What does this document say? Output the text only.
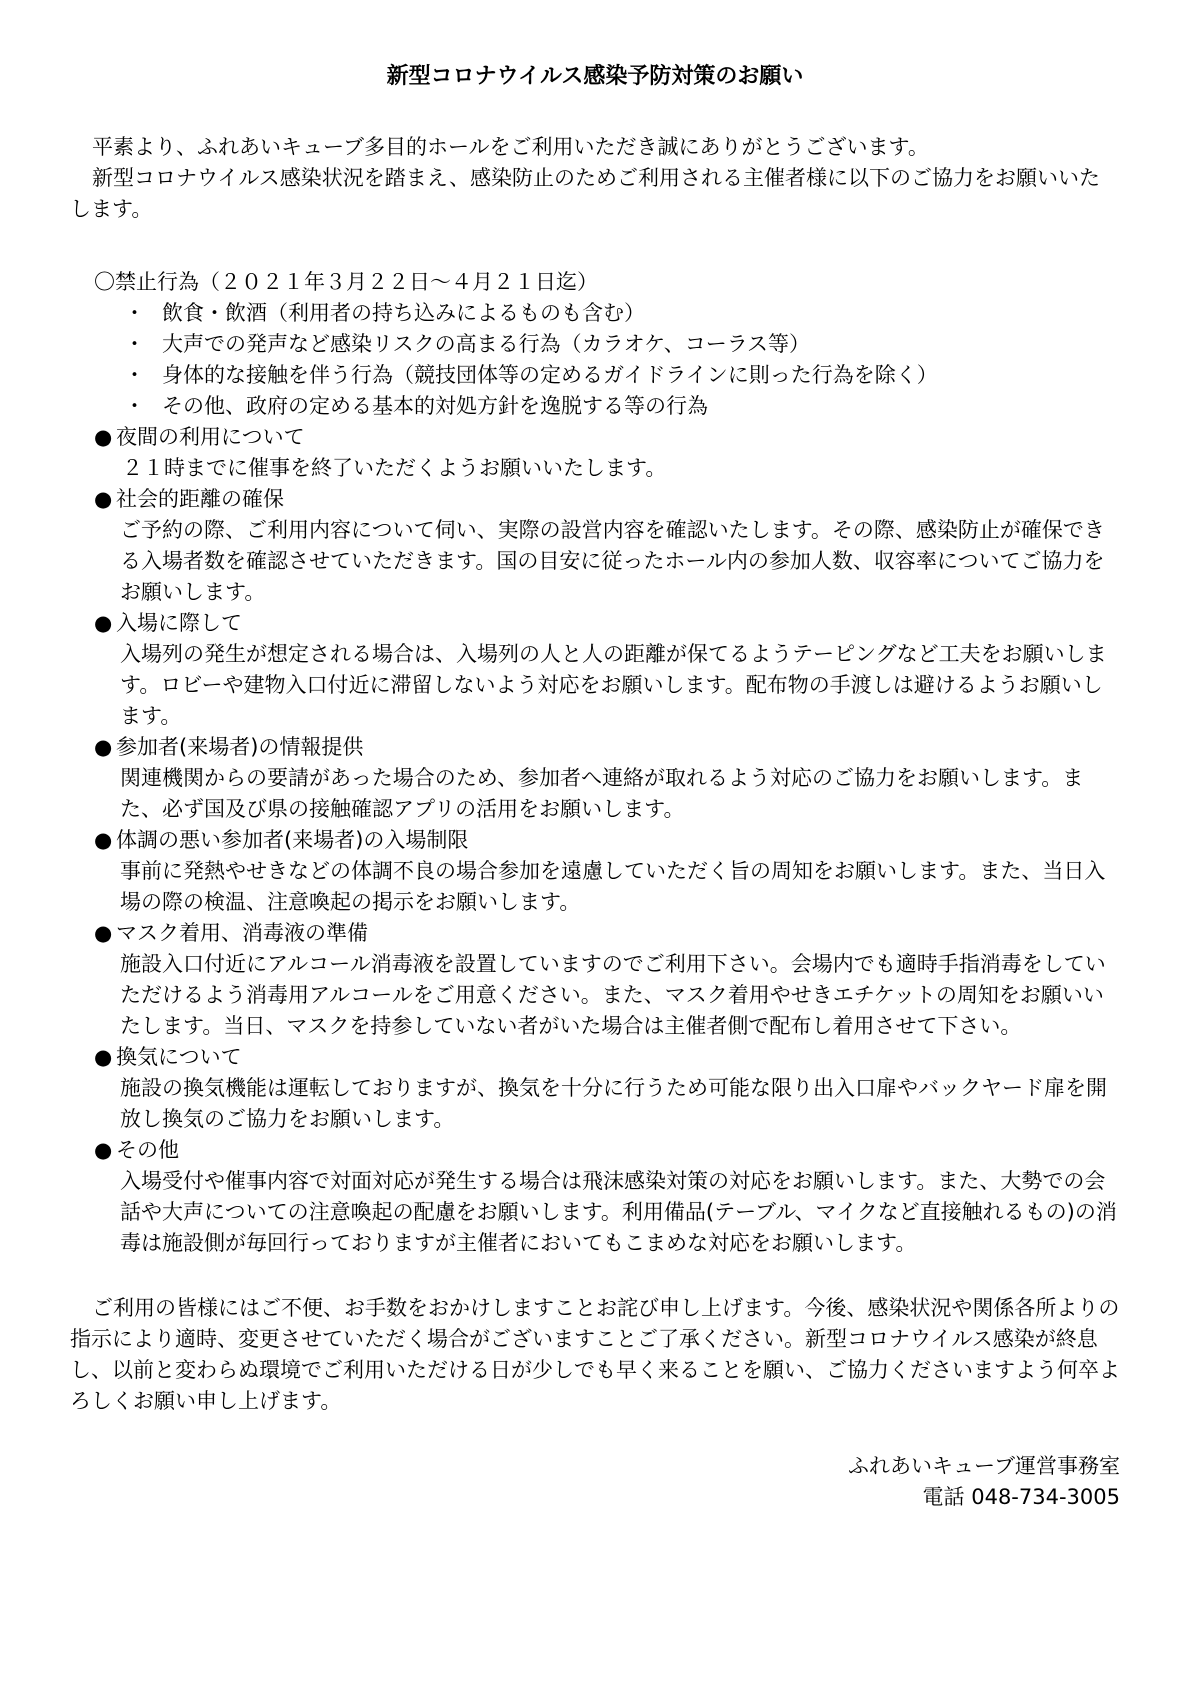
新型コロナウイルス感染予防対策のお願い

平素より、ふれあいキューブ多目的ホールをご利用いただき誠にありがとうございます。

新型コロナウイルス感染状況を踏まえ、感染防止のためご利用される主催者様に以下のご協力をお願いいたします。

〇禁止行為（２０２１年３月２２日～４月２１日迄）
・ 飲食・飲酒（利用者の持ち込みによるものも含む）
・ 大声での発声など感染リスクの高まる行為（カラオケ、コーラス等）
・ 身体的な接触を伴う行為（競技団体等の定めるガイドラインに則った行為を除く）
・ その他、政府の定める基本的対処方針を逸脱する等の行為
● 夜間の利用について
２１時までに催事を終了いただくようお願いいたします。
● 社会的距離の確保
ご予約の際、ご利用内容について伺い、実際の設営内容を確認いたします。その際、感染防止が確保できる入場者数を確認させていただきます。国の目安に従ったホール内の参加人数、収容率についてご協力をお願いします。
● 入場に際して
入場列の発生が想定される場合は、入場列の人と人の距離が保てるようテーピングなど工夫をお願いします。ロビーや建物入口付近に滞留しないよう対応をお願いします。配布物の手渡しは避けるようお願いします。
● 参加者(来場者)の情報提供
関連機関からの要請があった場合のため、参加者へ連絡が取れるよう対応のご協力をお願いします。また、必ず国及び県の接触確認アプリの活用をお願いします。
● 体調の悪い参加者(来場者)の入場制限
事前に発熱やせきなどの体調不良の場合参加を遠慮していただく旨の周知をお願いします。また、当日入場の際の検温、注意喚起の掲示をお願いします。
● マスク着用、消毒液の準備
施設入口付近にアルコール消毒液を設置していますのでご利用下さい。会場内でも適時手指消毒をしていただけるよう消毒用アルコールをご用意ください。また、マスク着用やせきエチケットの周知をお願いいたします。当日、マスクを持参していない者がいた場合は主催者側で配布し着用させて下さい。
● 換気について
施設の換気機能は運転しておりますが、換気を十分に行うため可能な限り出入口扉やバックヤード扉を開放し換気のご協力をお願いします。
● その他
入場受付や催事内容で対面対応が発生する場合は飛沫感染対策の対応をお願いします。また、大勢での会話や大声についての注意喚起の配慮をお願いします。利用備品(テーブル、マイクなど直接触れるもの)の消毒は施設側が毎回行っておりますが主催者においてもこまめな対応をお願いします。

ご利用の皆様にはご不便、お手数をおかけしますことお詫び申し上げます。今後、感染状況や関係各所よりの指示により適時、変更させていただく場合がございますことご了承ください。新型コロナウイルス感染が終息し、以前と変わらぬ環境でご利用いただける日が少しでも早く来ることを願い、ご協力くださいますよう何卒よろしくお願い申し上げます。

ふれあいキューブ運営事務室
電話 048-734-3005
